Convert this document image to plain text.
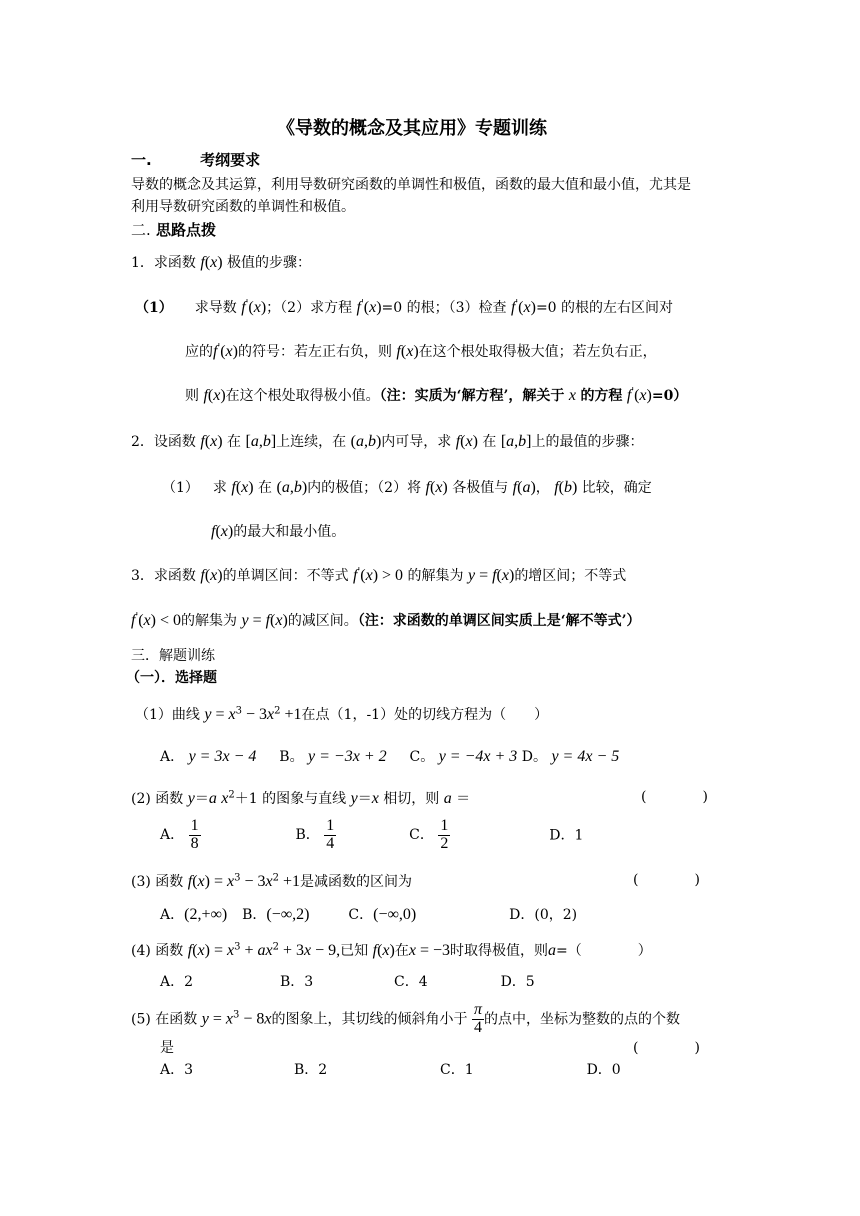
《导数的概念及其应用》专题训练
一.	考纲要求
导数的概念及其运算，利用导数研究函数的单调性和极值，函数的最大值和最小值，尤其是
利用导数研究函数的单调性和极值。
二. 思路点拨
1．求函数 f(x) 极值的步骤：
（1） 求导数 f'(x)；（2）求方程 f'(x)=0 的根；（3）检查 f'(x)=0 的根的左右区间对
应的f'(x)的符号：若左正右负，则 f(x)在这个根处取得极大值；若左负右正，
则 f(x)在这个根处取得极小值。（注：实质为‘解方程’，解关于 x 的方程 f'(x)=0）
2．设函数 f(x) 在 [a,b]上连续，在 (a,b)内可导，求 f(x) 在 [a,b]上的最值的步骤：
（1） 求 f(x) 在 (a,b)内的极值；（2）将 f(x) 各极值与 f(a)， f(b) 比较，确定
f(x)的最大和最小值。
3．求函数 f(x)的单调区间：不等式 f'(x) > 0 的解集为 y = f(x)的增区间；不等式
f'(x) < 0的解集为 y = f(x)的减区间。（注：求函数的单调区间实质上是‘解不等式’）
三．解题训练
（一）．选择题
（1）曲线 $y = x^3 - 3x^2 +1$在点（1，-1）处的切线方程为（　　）
A． y = 3x − 4 B。 y = −3x + 2 C。 y = −4x + 3 D。 y = 4x − 5
(2) 函数 y＝a $x^2+1$ 的图象与直线 y＝x 相切，则 a ＝	(　　　　)
A． $\frac{1}{8}$	B． $\frac{1}{4}$	C． $\frac{1}{2}$	D．1
(3) 函数 $f(x) = x^3 - 3x^2 +1$是减函数的区间为	(　　　　)
A．(2,+∞) B．(−∞,2)	C．(−∞,0)	D．(0，2)
(4) 函数 $f(x) = x^3 + ax^2 + 3x - 9$,已知 f(x)在x = −3时取得极值，则a=（　　　　）
A．2	B．3	C．4	D．5
(5) 在函数 $y = x^3 - 8x$的图象上，其切线的倾斜角小于 $\frac{\pi}{4}$ 的点中，坐标为整数的点的个数
是	(　　　　)
A．3	B．2	C．1	D．0
